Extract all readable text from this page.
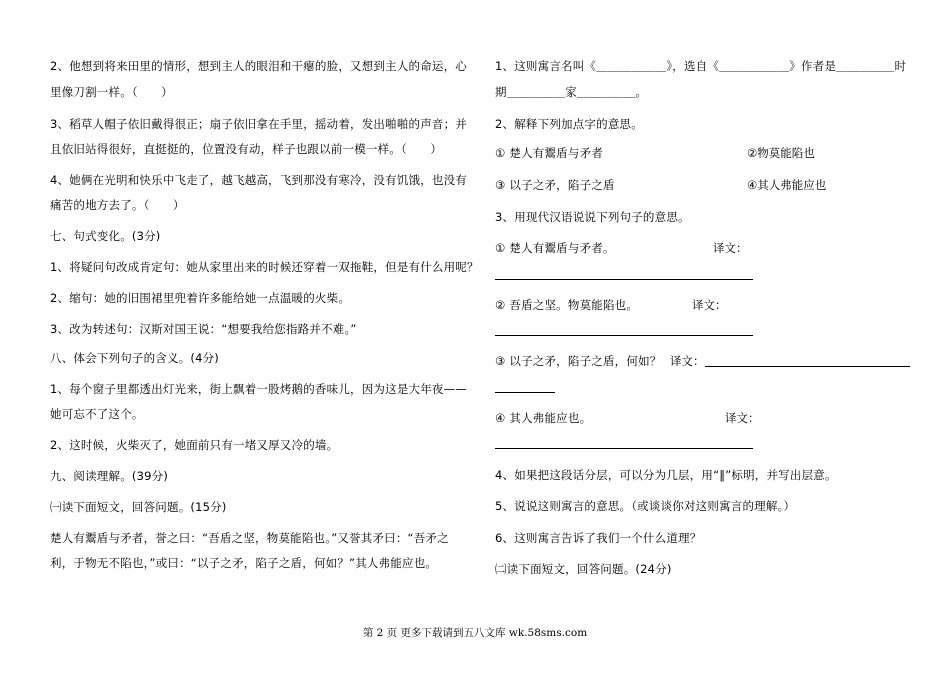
2、他想到将来田里的情形，想到主人的眼泪和干瘪的脸，又想到主人的命运，心
里像刀割一样。（　　）
3、稻草人帽子依旧戴得很正；扇子依旧拿在手里，摇动着，发出啪啪的声音；并
且依旧站得很好，直挺挺的，位置没有动，样子也跟以前一模一样。（　　）
4、她俩在光明和快乐中飞走了，越飞越高，飞到那没有寒冷，没有饥饿，也没有
痛苦的地方去了。（　　）
七、句式变化。(3分)
1、将疑问句改成肯定句：她从家里出来的时候还穿着一双拖鞋，但是有什么用呢？
2、缩句：她的旧围裙里兜着许多能给她一点温暖的火柴。
3、改为转述句：汉斯对国王说：“想要我给您指路并不难。”
八、体会下列句子的含义。(4分)
1、每个窗子里都透出灯光来，街上飘着一股烤鹅的香味儿，因为这是大年夜——
她可忘不了这个。
2、这时候，火柴灭了，她面前只有一堵又厚又冷的墙。
九、阅读理解。(39分)
㈠读下面短文，回答问题。(15分)
楚人有鬻盾与矛者，誉之曰：“吾盾之坚，物莫能陷也。”又誉其矛曰：“吾矛之
利，于物无不陷也，”或曰：“以子之矛，陷子之盾，何如？”其人弗能应也。
1、这则寓言名叫《＿＿＿＿＿＿》，选自《＿＿＿＿＿＿》作者是＿＿＿＿＿时
期＿＿＿＿＿家＿＿＿＿＿。
2、解释下列加点字的意思。
① 楚人有鬻盾与矛者	②物莫能陷也
③ 以子之矛，陷子之盾	④其人弗能应也
3、用现代汉语说说下列句子的意思。
① 楚人有鬻盾与矛者。	译文：
② 吾盾之坚。物莫能陷也。	译文：
③ 以子之矛，陷子之盾，何如？ 译文：
④ 其人弗能应也。	译文：
4、如果把这段话分层，可以分为几层，用“‖”标明，并写出层意。
5、说说这则寓言的意思。（或谈谈你对这则寓言的理解。）
6、这则寓言告诉了我们一个什么道理？
㈡读下面短文，回答问题。(24分)
第 2 页 更多下载请到五八文库 wk.58sms.com
